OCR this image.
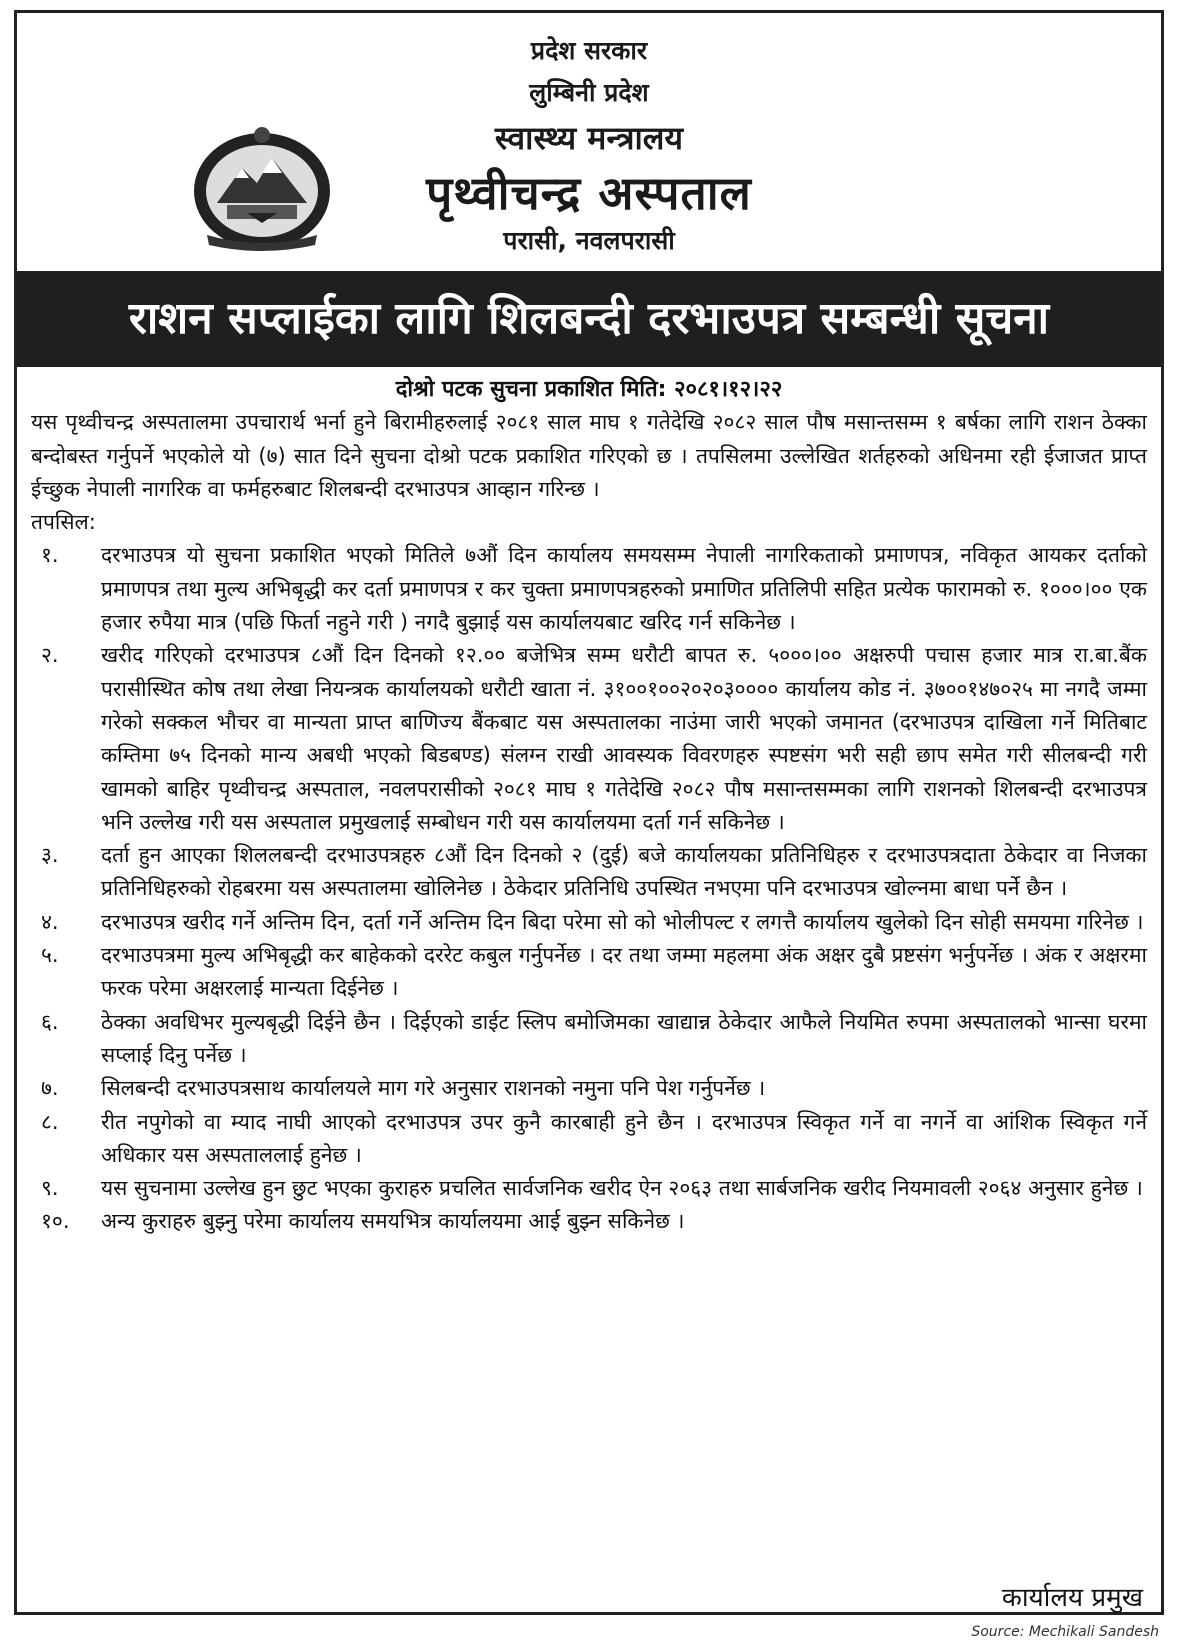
प्रदेश सरकार
लुम्बिनी प्रदेश
स्वास्थ्य मन्त्रालय
पृथ्वीचन्द्र अस्पताल
परासी, नवलपरासी
राशन सप्लाईका लागि शिलबन्दी दरभाउपत्र सम्बन्धी सूचना
दोश्रो पटक सुचना प्रकाशित मिति: २०८१।१२।२२
यस पृथ्वीचन्द्र अस्पतालमा उपचारार्थ भर्ना हुने बिरामीहरुलाई २०८१ साल माघ १ गतेदेखि २०८२ साल पौष मसान्तसम्म १ बर्षका लागि राशन ठेक्का बन्दोबस्त गर्नुपर्ने भएकोले यो (७) सात दिने सुचना दोश्रो पटक प्रकाशित गरिएको छ । तपसिलमा उल्लेखित शर्तहरुको अधिनमा रही ईजाजत प्राप्त ईच्छुक नेपाली नागरिक वा फर्महरुबाट शिलबन्दी दरभाउपत्र आव्हान गरिन्छ ।
तपसिल:
१.	दरभाउपत्र यो सुचना प्रकाशित भएको मितिले ७औं दिन कार्यालय समयसम्म नेपाली नागरिकताको प्रमाणपत्र, नविकृत आयकर दर्ताको प्रमाणपत्र तथा मुल्य अभिबृद्धी कर दर्ता प्रमाणपत्र र कर चुक्ता प्रमाणपत्रहरुको प्रमाणित प्रतिलिपी सहित प्रत्येक फारामको रु. १०००।०० एक हजार रुपैया मात्र (पछि फिर्ता नहुने गरी ) नगदै बुझाई यस कार्यालयबाट खरिद गर्न सकिनेछ ।
२.	खरीद गरिएको दरभाउपत्र ८औं दिन दिनको १२.०० बजेभित्र सम्म धरौटी बापत रु. ५०००।०० अक्षरुपी पचास हजार मात्र रा.बा.बैंक परासीस्थित कोष तथा लेखा नियन्त्रक कार्यालयको धरौटी खाता नं. ३१००१००२०२०३०००० कार्यालय कोड नं. ३७००१४७०२५ मा नगदै जम्मा गरेको सक्कल भौचर वा मान्यता प्राप्त बाणिज्य बैंकबाट यस अस्पतालका नाउंमा जारी भएको जमानत (दरभाउपत्र दाखिला गर्ने मितिबाट कम्तिमा ७५ दिनको मान्य अबधी भएको बिडबण्ड) संलग्न राखी आवस्यक विवरणहरु स्पष्टसंग भरी सही छाप समेत गरी सीलबन्दी गरी खामको बाहिर पृथ्वीचन्द्र अस्पताल, नवलपरासीको २०८१ माघ १ गतेदेखि २०८२ पौष मसान्तसम्मका लागि राशनको शिलबन्दी दरभाउपत्र भनि उल्लेख गरी यस अस्पताल प्रमुखलाई सम्बोधन गरी यस कार्यालयमा दर्ता गर्न सकिनेछ ।
३.	दर्ता हुन आएका शिललबन्दी दरभाउपत्रहरु ८औं दिन दिनको २ (दुई) बजे कार्यालयका प्रतिनिधिहरु र दरभाउपत्रदाता ठेकेदार वा निजका प्रतिनिधिहरुको रोहबरमा यस अस्पतालमा खोलिनेछ । ठेकेदार प्रतिनिधि उपस्थित नभएमा पनि दरभाउपत्र खोल्नमा बाधा पर्ने छैन ।
४.	दरभाउपत्र खरीद गर्ने अन्तिम दिन, दर्ता गर्ने अन्तिम दिन बिदा परेमा सो को भोलीपल्ट र लगत्तै कार्यालय खुलेको दिन सोही समयमा गरिनेछ ।
५.	दरभाउपत्रमा मुल्य अभिबृद्धी कर बाहेकको दररेट कबुल गर्नुपर्नेछ । दर तथा जम्मा महलमा अंक अक्षर दुबै प्रष्टसंग भर्नुपर्नेछ । अंक र अक्षरमा फरक परेमा अक्षरलाई मान्यता दिईनेछ ।
६.	ठेक्का अवधिभर मुल्यबृद्धी दिईने छैन । दिईएको डाईट स्लिप बमोजिमका खाद्यान्न ठेकेदार आफैले नियमित रुपमा अस्पतालको भान्सा घरमा सप्लाई दिनु पर्नेछ ।
७.	सिलबन्दी दरभाउपत्रसाथ कार्यालयले माग गरे अनुसार राशनको नमुना पनि पेश गर्नुपर्नेछ ।
८.	रीत नपुगेको वा म्याद नाघी आएको दरभाउपत्र उपर कुनै कारबाही हुने छैन । दरभाउपत्र स्विकृत गर्ने वा नगर्ने वा आंशिक स्विकृत गर्ने अधिकार यस अस्पताललाई हुनेछ ।
९.	यस सुचनामा उल्लेख हुन छुट भएका कुराहरु प्रचलित सार्वजनिक खरीद ऐन २०६३ तथा सार्बजनिक खरीद नियमावली २०६४ अनुसार हुनेछ ।
१०.	अन्य कुराहरु बुझ्नु परेमा कार्यालय समयभित्र कार्यालयमा आई बुझ्न सकिनेछ ।
कार्यालय प्रमुख
Source: Mechikali Sandesh
